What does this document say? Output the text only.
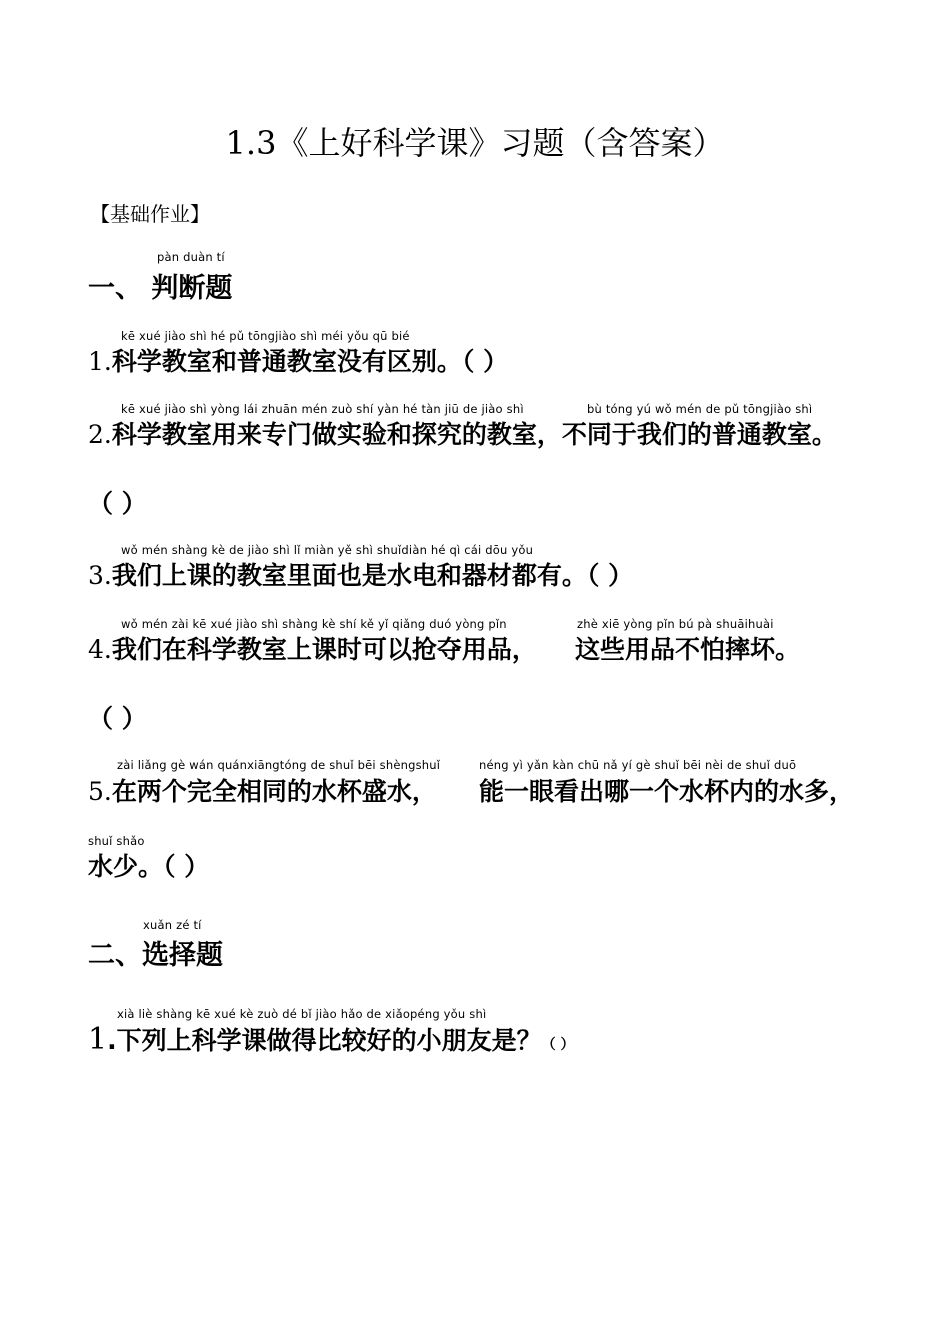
1.3《上好科学课》习题（含答案）
【基础作业】
pàn duàn tí
一、 判断题
kē xué jiào shì hé pǔ tōngjiào shì méi yǒu qū bié
1.科学教室和普通教室没有区别。（ ）
kē xué jiào shì yòng lái zhuān mén zuò shí yàn hé tàn jiū de jiào shì	bù tóng yú wǒ mén de pǔ tōngjiào shì
2.科学教室用来专门做实验和探究的教室，不同于我们的普通教室。
（ ）
wǒ mén shàng kè de jiào shì lǐ miàn yě shì shuǐdiàn hé qì cái dōu yǒu
3.我们上课的教室里面也是水电和器材都有。（ ）
wǒ mén zài kē xué jiào shì shàng kè shí kě yǐ qiǎng duó yòng pǐn	zhè xiē yòng pǐn bú pà shuāihuài
4.我们在科学教室上课时可以抢夺用品， 这些用品不怕摔坏。
（ ）
zài liǎng gè wán quánxiāngtóng de shuǐ bēi shèngshuǐ	néng yì yǎn kàn chū nǎ yí gè shuǐ bēi nèi de shuǐ duō
5.在两个完全相同的水杯盛水， 能一眼看出哪一个水杯内的水多，
shuǐ shǎo
水少。（ ）
xuǎn zé tí
二、选择题
xià liè shàng kē xué kè zuò dé bǐ jiào hǎo de xiǎopéng yǒu shì
1.下列上科学课做得比较好的小朋友是？（ ）
